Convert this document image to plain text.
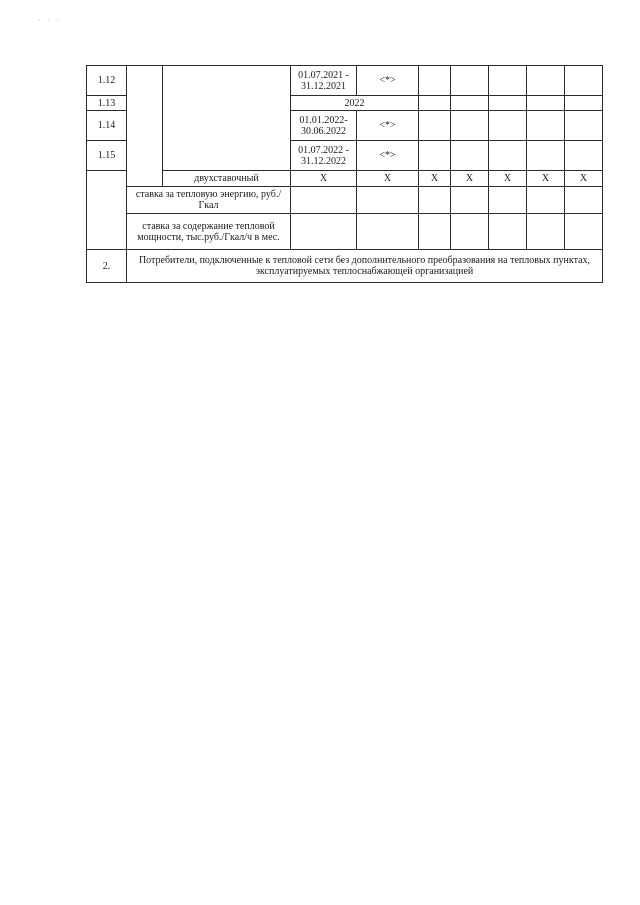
. . .
1.12			01.07.2021 - 31.12.2021	<*>					
1.13			2022						
1.14			01.01.2022- 30.06.2022	<*>					
1.15			01.07.2022 - 31.12.2022	<*>					
		двухставочный	X	X	X	X	X	X	X
	ставка за тепловую энергию, руб./Гкал								
	ставка за содержание тепловой мощности, тыс.руб./Гкал/ч в мес.								
2.	Потребители, подключенные к тепловой сети без дополнительного преобразования на тепловых пунктах, эксплуатируемых теплоснабжающей организацией								
